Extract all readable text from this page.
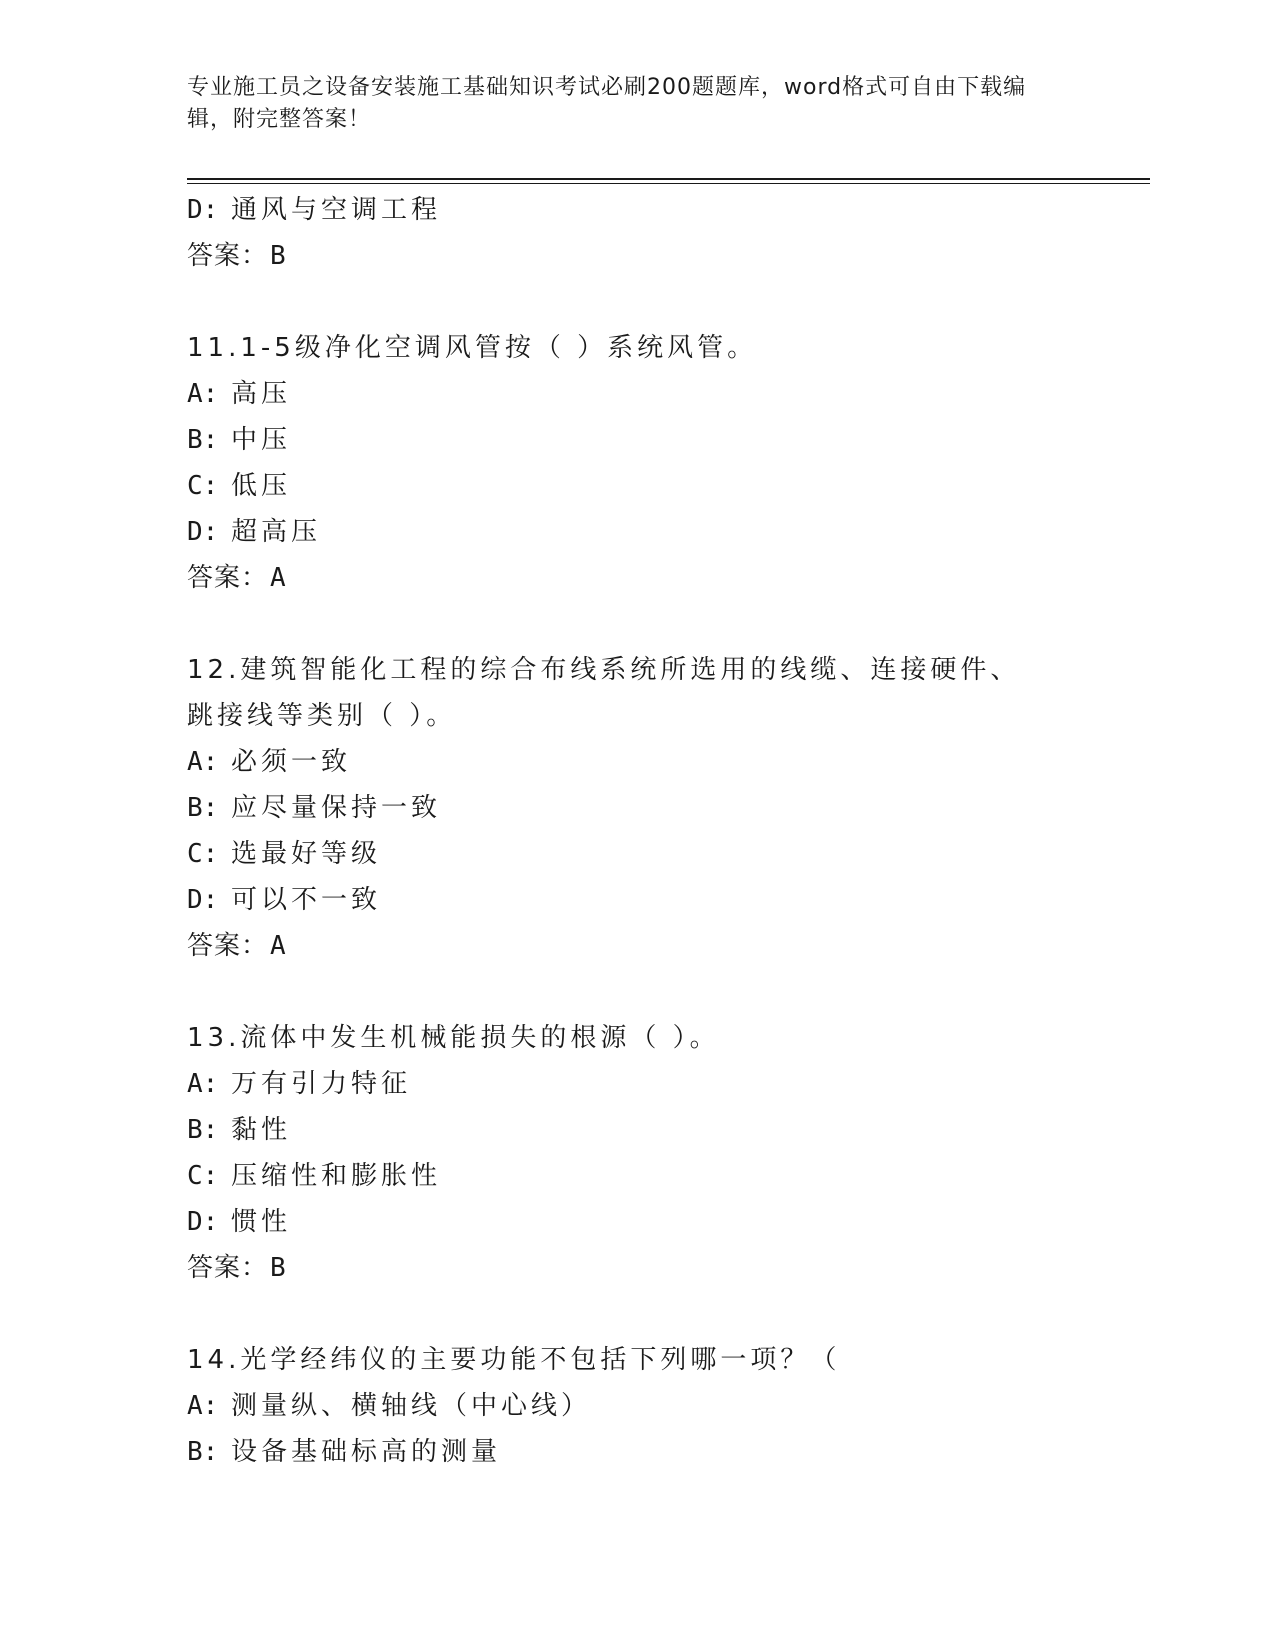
专业施工员之设备安装施工基础知识考试必刷200题题库，word格式可自由下载编辑，附完整答案！
D: 通风与空调工程
答案：B
11.1-5级净化空调风管按（ ）系统风管。
A: 高压
B: 中压
C: 低压
D: 超高压
答案：A
12.建筑智能化工程的综合布线系统所选用的线缆、连接硬件、跳接线等类别（ ）。
A: 必须一致
B: 应尽量保持一致
C: 选最好等级
D: 可以不一致
答案：A
13.流体中发生机械能损失的根源（ ）。
A: 万有引力特征
B: 黏性
C: 压缩性和膨胀性
D: 惯性
答案：B
14.光学经纬仪的主要功能不包括下列哪一项？（
A: 测量纵、横轴线（中心线）
B: 设备基础标高的测量
